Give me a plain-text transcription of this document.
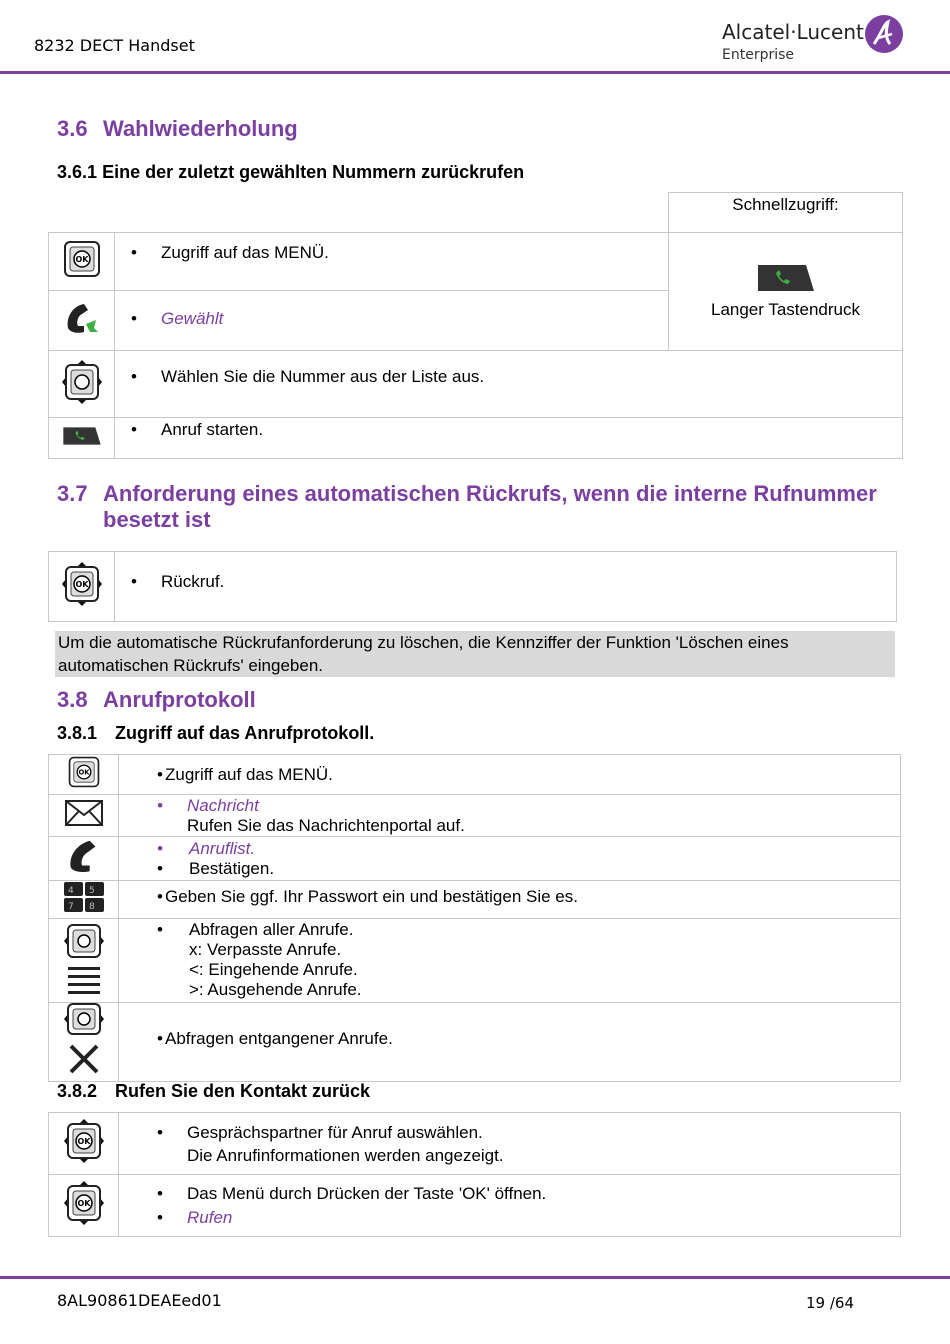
8232 DECT Handset
Alcatel·Lucent
Enterprise
3.6 Wahlwiederholung
3.6.1 Eine der zuletzt gewählten Nummern zurückrufen
		Schnellzugriff:

OK	• Zugriff auf das MENÜ.	Langer Tastendruck

• Gewählt	

• Wählen Sie die Nummer aus der Liste aus.	

• Anruf starten.	
3.7 Anforderung eines automatischen Rückrufs, wenn die interne Rufnummer
besetzt ist
OK	• Rückruf.
Um die automatische Rückrufanforderung zu löschen, die Kennziffer der Funktion 'Löschen eines
automatischen Rückrufs' eingeben.
3.8 Anrufprotokoll
3.8.1 Zugriff auf das Anrufprotokoll.
OK	• Zugriff auf das MENÜ.

• Nachricht
Rufen Sie das Nachrichtenportal auf.

• Anruflist.

• Bestätigen.

4 5
7 8	• Geben Sie ggf. Ihr Passwort ein und bestätigen Sie es.

• Abfragen aller Anrufe.
x: Verpasste Anrufe.
<: Eingehende Anrufe.
>: Ausgehende Anrufe.

• Abfragen entgangener Anrufe.
3.8.2 Rufen Sie den Kontakt zurück
OK	• Gesprächspartner für Anruf auswählen.
Die Anrufinformationen werden angezeigt.

OK	• Das Menü durch Drücken der Taste 'OK' öffnen.

• Rufen
8AL90861DEAEed01	19 /64
